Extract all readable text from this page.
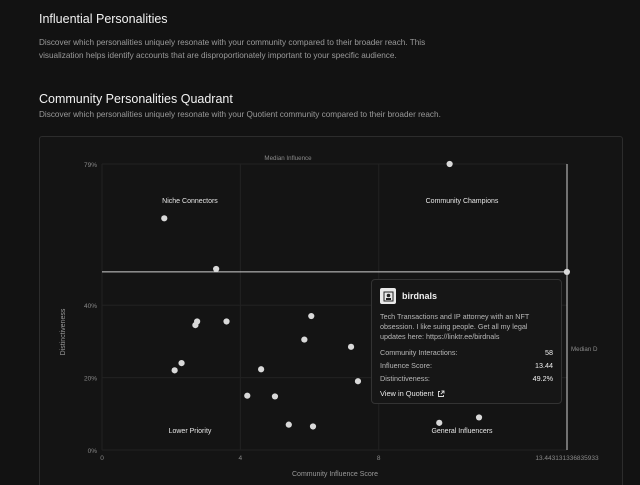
Influential Personalities
Discover which personalities uniquely resonate with your community compared to their broader reach. This visualization helps identify accounts that are disproportionately important to your specific audience.
Community Personalities Quadrant
Discover which personalities uniquely resonate with your Quotient community compared to their broader reach.
0%
20%
40%
79%
0	4	8	13.443131336835933
Median Influence
Median D
Niche Connectors	Community Champions
Lower Priority	General Influencers
Community Influence Score
Distinctiveness
birdnals
Tech Transactions and IP attorney with an NFT obsession. I like suing people. Get all my legal updates here: https://linktr.ee/birdnals
Community Interactions:	58
Influence Score:	13.44
Distinctiveness:	49.2%
View in Quotient
